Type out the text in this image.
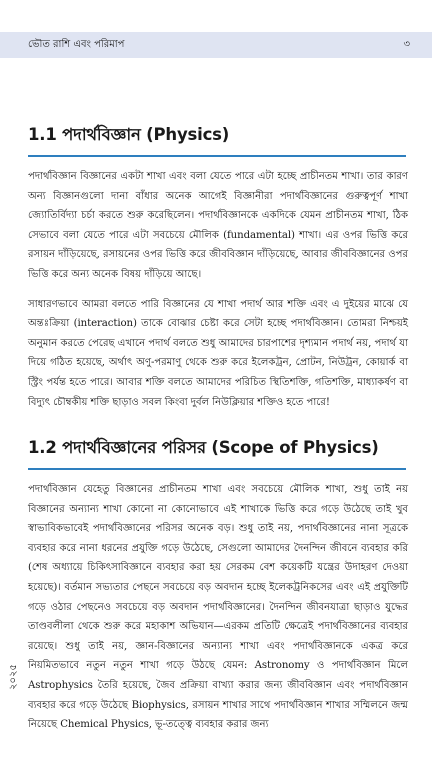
ভৌত রাশি এবং পরিমাপ	৩
1.1 পদার্থবিজ্ঞান (Physics)

পদার্থবিজ্ঞান বিজ্ঞানের একটা শাখা এবং বলা যেতে পারে এটা হচ্ছে প্রাচীনতম শাখা। তার কারণ অন্য বিজ্ঞানগুলো দানা বাঁধার অনেক আগেই বিজ্ঞানীরা পদার্থবিজ্ঞানের গুরুত্বপূর্ণ শাখা জ্যোতির্বিদ্যা চর্চা করতে শুরু করেছিলেন। পদার্থবিজ্ঞানকে একদিকে যেমন প্রাচীনতম শাখা, ঠিক সেভাবে বলা যেতে পারে এটা সবচেয়ে মৌলিক (fundamental) শাখা। এর ওপর ভিত্তি করে রসায়ন দাঁড়িয়েছে, রসায়নের ওপর ভিত্তি করে জীববিজ্ঞান দাঁড়িয়েছে, আবার জীববিজ্ঞানের ওপর ভিত্তি করে অন্য অনেক বিষয় দাঁড়িয়ে আছে।

সাধারণভাবে আমরা বলতে পারি বিজ্ঞানের যে শাখা পদার্থ আর শক্তি এবং এ দুইয়ের মাঝে যে অন্তঃক্রিয়া (interaction) তাকে বোঝার চেষ্টা করে সেটা হচ্ছে পদার্থবিজ্ঞান। তোমরা নিশ্চয়ই অনুমান করতে পেরেছ এখানে পদার্থ বলতে শুধু আমাদের চারপাশের দৃশ্যমান পদার্থ নয়, পদার্থ যা দিয়ে গঠিত হয়েছে, অর্থাৎ অণু-পরমাণু থেকে শুরু করে ইলেকট্রন, প্রোটন, নিউট্রন, কোয়ার্ক বা স্ট্রিং পর্যন্ত হতে পারে। আবার শক্তি বলতে আমাদের পরিচিত স্থিতিশক্তি, গতিশক্তি, মাধ্যাকর্ষণ বা বিদ্যুৎ চৌম্বকীয় শক্তি ছাড়াও সবল কিংবা দুর্বল নিউক্লিয়ার শক্তিও হতে পারে!

1.2 পদার্থবিজ্ঞানের পরিসর (Scope of Physics)

পদার্থবিজ্ঞান যেহেতু বিজ্ঞানের প্রাচীনতম শাখা এবং সবচেয়ে মৌলিক শাখা, শুধু তাই নয় বিজ্ঞানের অন্যান্য শাখা কোনো না কোনোভাবে এই শাখাকে ভিত্তি করে গড়ে উঠেছে তাই খুব স্বাভাবিকভাবেই পদার্থবিজ্ঞানের পরিসর অনেক বড়। শুধু তাই নয়, পদার্থবিজ্ঞানের নানা সূত্রকে ব্যবহার করে নানা ধরনের প্রযুক্তি গড়ে উঠেছে, সেগুলো আমাদের দৈনন্দিন জীবনে ব্যবহার করি (শেষ অধ্যায়ে চিকিৎসাবিজ্ঞানে ব্যবহার করা হয় সেরকম বেশ কয়েকটি যন্ত্রের উদাহরণ দেওয়া হয়েছে)। বর্তমান সভ্যতার পেছনে সবচেয়ে বড় অবদান হচ্ছে ইলেকট্রনিকসের এবং এই প্রযুক্তিটি গড়ে ওঠার পেছনেও সবচেয়ে বড় অবদান পদার্থবিজ্ঞানের। দৈনন্দিন জীবনযাত্রা ছাড়াও যুদ্ধের তাণ্ডবলীলা থেকে শুরু করে মহাকাশ অভিযান—এরকম প্রতিটি ক্ষেত্রেই পদার্থবিজ্ঞানের ব্যবহার রয়েছে। শুধু তাই নয়, জ্ঞান-বিজ্ঞানের অন্যান্য শাখা এবং পদার্থবিজ্ঞানকে একত্র করে নিয়মিতভাবে নতুন নতুন শাখা গড়ে উঠছে যেমন: Astronomy ও পদার্থবিজ্ঞান মিলে Astrophysics তৈরি হয়েছে, জৈব প্রক্রিয়া বাখ্যা করার জন্য জীববিজ্ঞান এবং পদার্থবিজ্ঞান ব্যবহার করে গড়ে উঠেছে Biophysics, রসায়ন শাখার সাথে পদার্থবিজ্ঞান শাখার সম্মিলনে জন্ম নিয়েছে Chemical Physics, ভূ-তত্ত্বে ব্যবহার করার জন্য

২০২৫
